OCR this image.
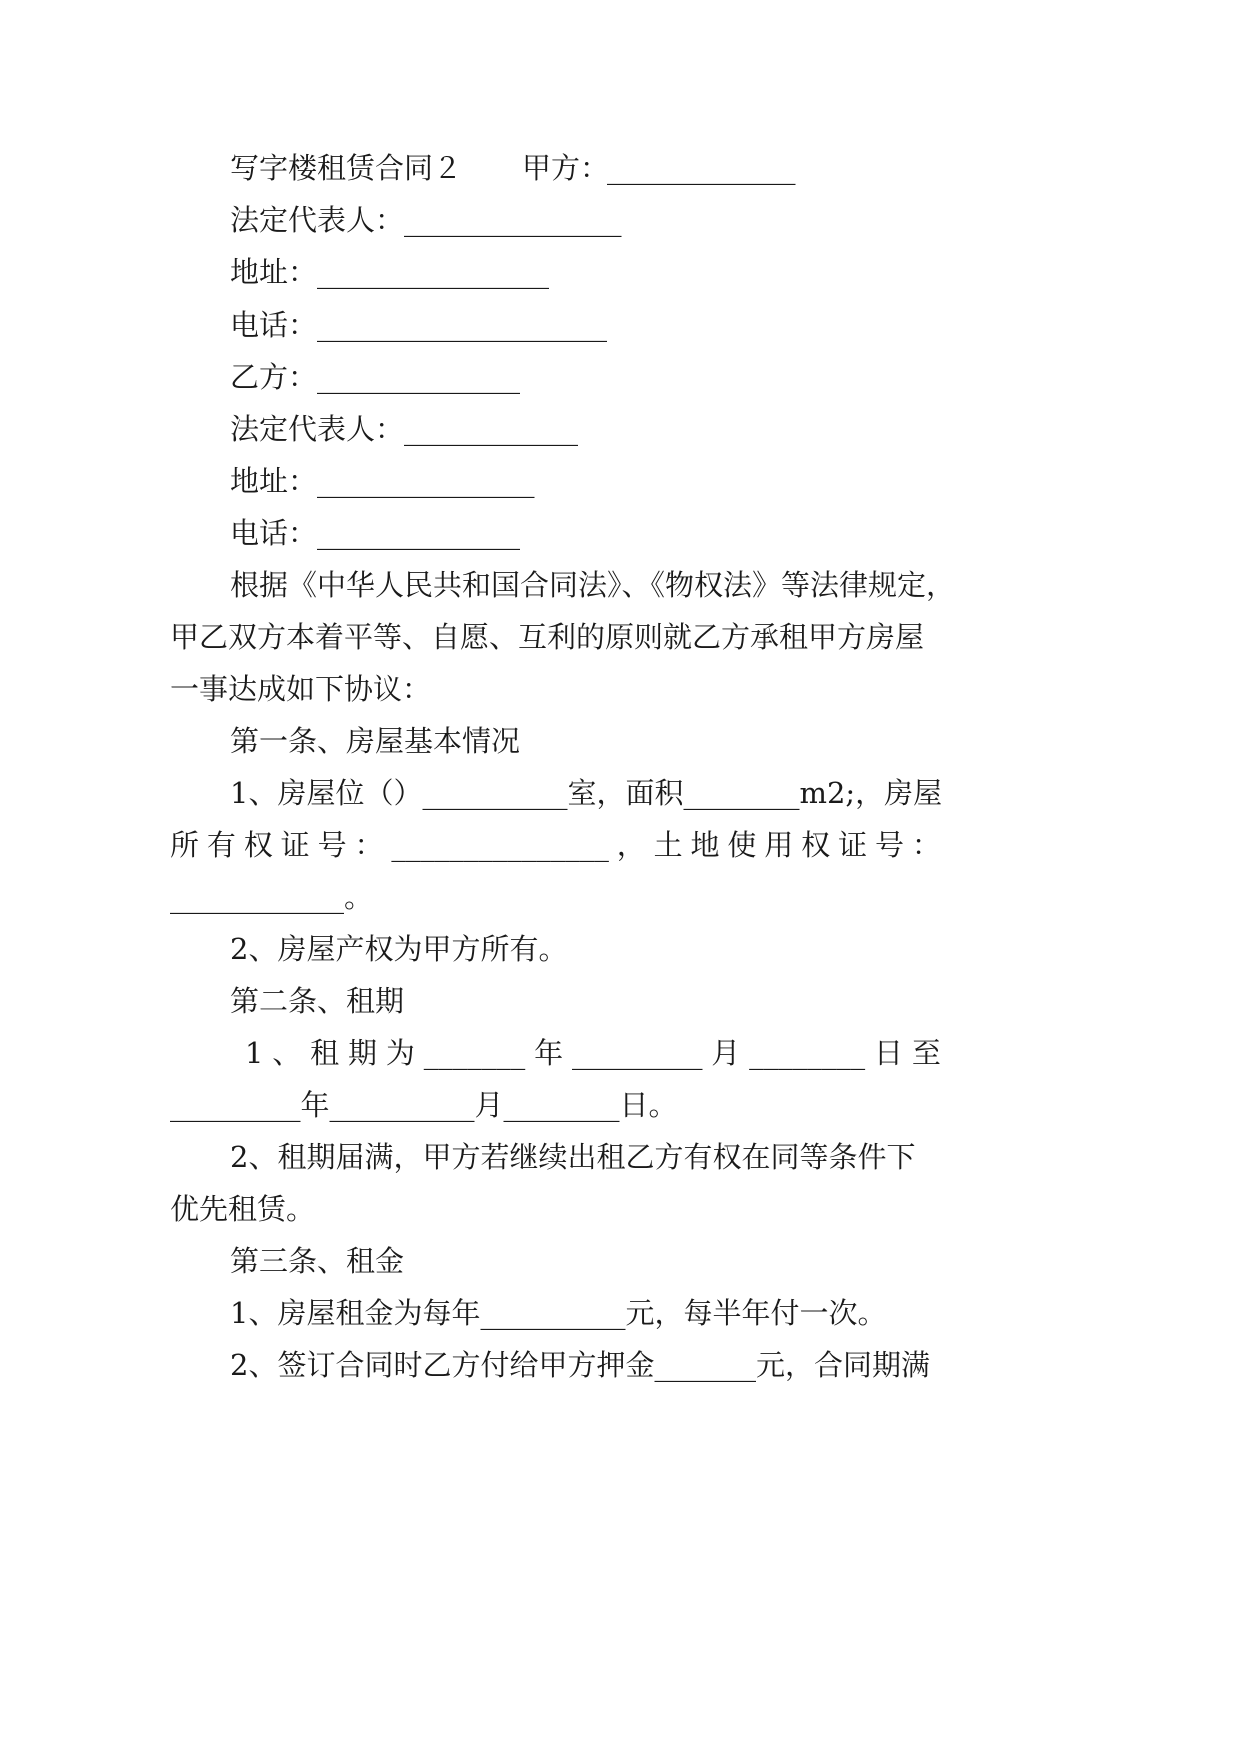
写字楼租赁合同２ 甲方：
_____________
法定代表人：_______________
地址：________________
电话：____________________
乙方：______________
法定代表人：____________
地址：_______________
电话：______________
根据《中华人民共和国合同法》、《物权法》等法律规定，
甲乙双方本着平等、自愿、互利的原则就乙方承租甲方房屋
一事达成如下协议：
第一条、房屋基本情况
1、房屋位（）__________室，面积________m2;，房屋
所 有 权 证 号 ： _______________ ， 土 地 使 用 权 证 号 ：
____________。
2、房屋产权为甲方所有。
第二条、租期
1 、 租 期 为 _______ 年 _________ 月 ________ 日 至
_________年__________月________日。
2、租期届满，甲方若继续出租乙方有权在同等条件下
优先租赁。
第三条、租金
1、房屋租金为每年__________元，每半年付一次。
2、签订合同时乙方付给甲方押金_______元，合同期满
